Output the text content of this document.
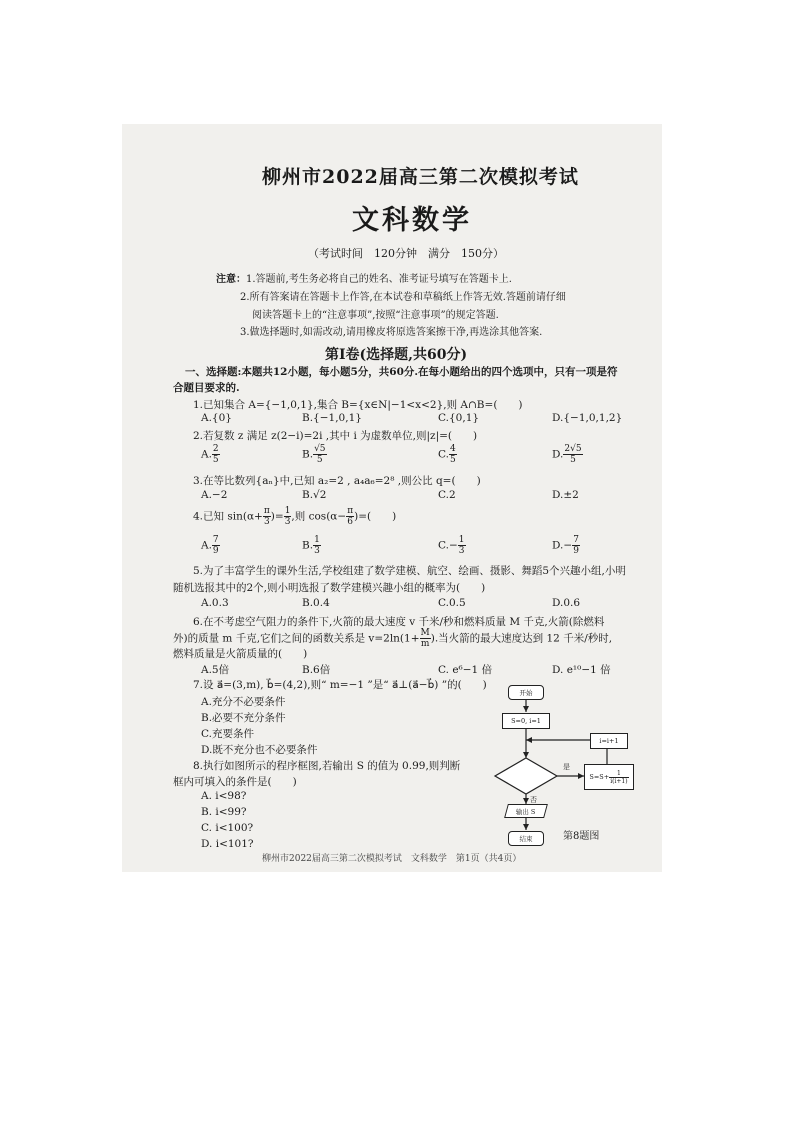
柳州市2022届高三第二次模拟考试
文科数学
（考试时间　120分钟　满分　150分）
注意：1.答题前,考生务必将自己的姓名、准考证号填写在答题卡上.
2.所有答案请在答题卡上作答,在本试卷和草稿纸上作答无效.答题前请仔细
阅读答题卡上的“注意事项”,按照“注意事项”的规定答题.
3.做选择题时,如需改动,请用橡皮将原选答案擦干净,再选涂其他答案.
第Ⅰ卷(选择题,共60分)
一、选择题:本题共12小题，每小题5分，共60分.在每小题给出的四个选项中，只有一项是符
合题目要求的.
1.已知集合 A={−1,0,1},集合 B={x∈N|−1<x<2},则 A∩B=(　　)
A.{0}	B.{−1,0,1}	C.{0,1}	D.{−1,0,1,2}
2.若复数 z 满足 z(2−i)=2i ,其中 i 为虚数单位,则|z|=(　　)
A. $\frac{2}{5}$	B. $\frac{√5}{5}$	C. $\frac{4}{5}$	D. $\frac{2√5}{5}$
3.在等比数列{aₙ}中,已知 a₂=2 , a₄a₆=2⁸ ,则公比 q=(　　)
A.−2	B.√2	C.2	D.±2
4.已知 $\sin(\alpha+ \frac{\pi}{3}$ )= $\frac{1}{3}$ ,则 $\cos(\alpha- \frac{\pi}{6}$ )=(　　)
A. $\frac{7}{9}$	B. $\frac{1}{3}$	$C.- \frac{1}{3}$	$D.- \frac{7}{9}$
5.为了丰富学生的课外生活,学校组建了数学建模、航空、绘画、摄影、舞蹈5个兴趣小组,小明
随机选报其中的2个,则小明选报了数学建模兴趣小组的概率为(　　)
A.0.3	B.0.4	C.0.5	D.0.6
6.在不考虑空气阻力的条件下,火箭的最大速度 v 千米/秒和燃料质量 M 千克,火箭(除燃料
外)的质量 m 千克,它们之间的函数关系是 $v=2\ln(1+ \frac{M}{m}$ ).当火箭的最大速度达到 12 千米/秒时,
燃料质量是火箭质量的(　　)
A.5倍	B.6倍	C. e⁶−1 倍	D. e¹⁰−1 倍
7.设 a⃗=(3,m), b⃗=(4,2),则“ m=−1 ”是“ a⃗⊥(a⃗−b⃗) ”的(　　)
A.充分不必要条件
B.必要不充分条件
C.充要条件
D.既不充分也不必要条件
8.执行如图所示的程序框图,若输出 S 的值为 0.99,则判断
框内可填入的条件是(　　)
A. i<98?
B. i<99?
C. i<100?
D. i<101?
开始
S=0, i=1
i=i+1
$S=S+ \frac{1}{i(i+1)}$
是
否
输出 S
结束	第8题图
柳州市2022届高三第二次模拟考试　文科数学　第1页（共4页）
